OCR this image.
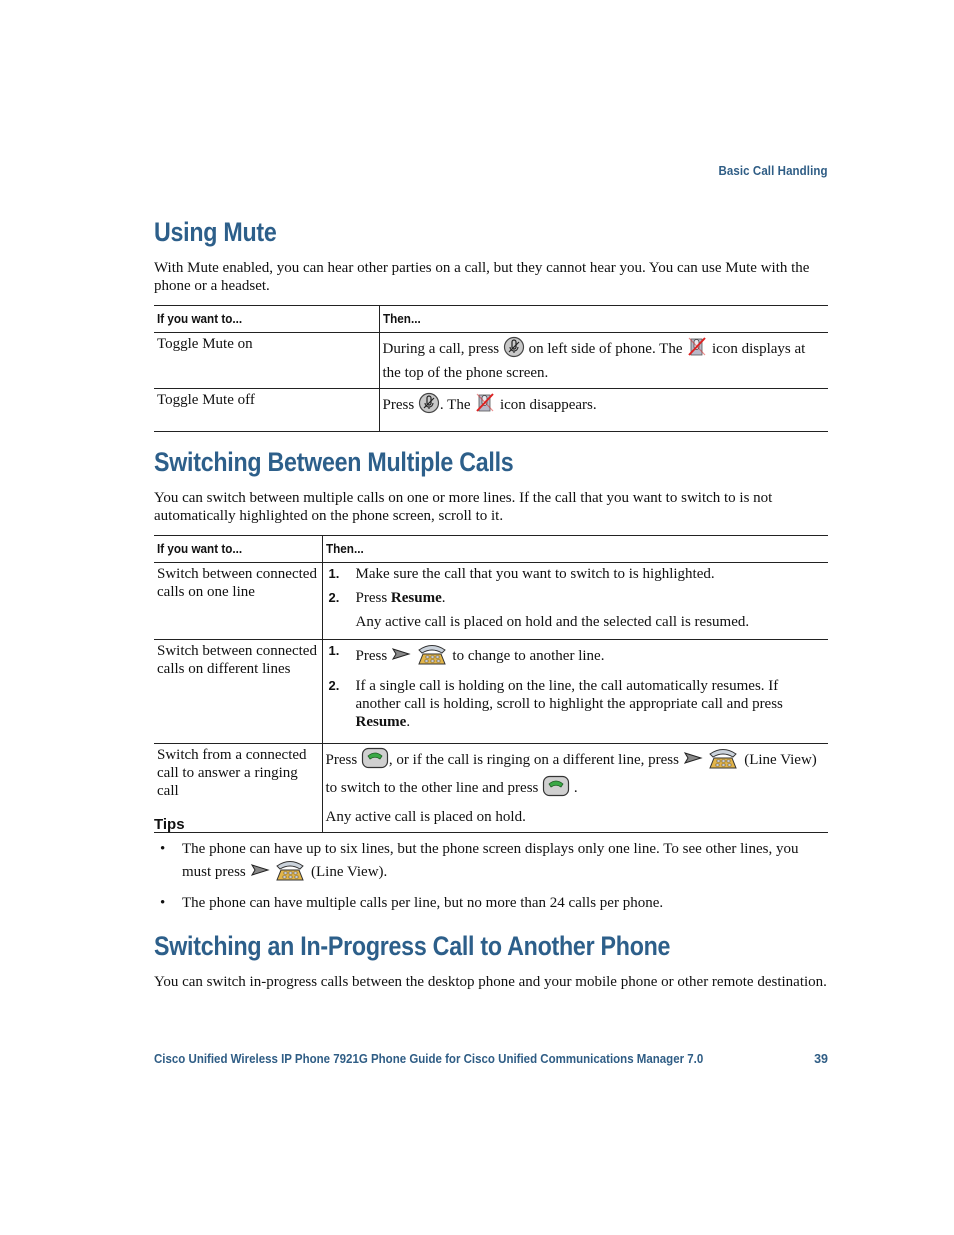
Basic Call Handling
Using Mute

With Mute enabled, you can hear other parties on a call, but they cannot hear you. You can use Mute with the phone or a headset.

If you want to...	Then...
Toggle Mute on	During a call, press on left side of phone. The icon displays at the top of the phone screen.
Toggle Mute off	Press . The icon disappears.
Switching Between Multiple Calls

You can switch between multiple calls on one or more lines. If the call that you want to switch to is not automatically highlighted on the phone screen, scroll to it.

If you want to...	Then...
Switch between connected calls on one line	1. Make sure the call that you want to switch to is highlighted.
2. Press Resume.
Any active call is placed on hold and the selected call is resumed.

Switch between connected calls on different lines	1. Press to change to another line.
2. If a single call is holding on the line, the call automatically resumes. If another call is holding, scroll to highlight the appropriate call and press Resume.

Switch from a connected call to answer a ringing call	Press , or if the call is ringing on a different line, press (Line View) to switch to the other line and press .
Any active call is placed on hold.
Tips
• The phone can have up to six lines, but the phone screen displays only one line. To see other lines, you must press	(Line View).
• The phone can have multiple calls per line, but no more than 24 calls per phone.
Switching an In-Progress Call to Another Phone

You can switch in-progress calls between the desktop phone and your mobile phone or other remote destination.

Cisco Unified Wireless IP Phone 7921G Phone Guide for Cisco Unified Communications Manager 7.0	39
